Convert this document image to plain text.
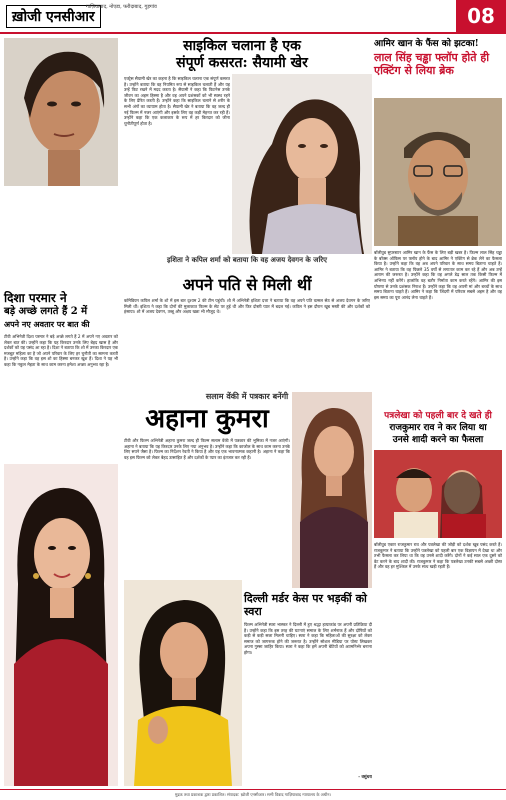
ख़ोजी एनसीआर
गाज़ियाबाद, नोएडा, फरीदाबाद, गुड़गांव	08
साइकिल चलाना है एक
संपूर्ण कसरत: सैयामी खेर
एक्ट्रेस सैयामी खेर का कहना है कि साइकिल चलाना एक संपूर्ण कसरत है। उन्होंने बताया कि वह नियमित रूप से साइकिल चलाती हैं और यह उन्हें फिट रखने में मदद करता है। सैयामी ने कहा कि फिटनेस उनके जीवन का अहम हिस्सा है और वह अपने प्रशंसकों को भी स्वस्थ रहने के लिए प्रेरित करती हैं। उन्होंने कहा कि साइकिल चलाने से शरीर के सभी अंगों का व्यायाम होता है। सैयामी खेर ने बताया कि वह जल्द ही नई फिल्म में नजर आएंगी और इसके लिए वह कड़ी मेहनत कर रही हैं। उन्होंने कहा कि एक कलाकार के रूप में हर किरदार को जीना चुनौतीपूर्ण होता है।
आमिर खान के फैंस को झटका!
लाल सिंह चड्ढा फ्लॉप होते ही
एक्टिंग से लिया ब्रेक
बॉलीवुड सुपरस्टार आमिर खान के फैंस के लिए बड़ी खबर है। फिल्म लाल सिंह चड्ढा के बॉक्स ऑफिस पर फ्लॉप होने के बाद आमिर ने एक्टिंग से ब्रेक लेने का फैसला किया है। उन्होंने कहा कि वह अब अपने परिवार के साथ समय बिताना चाहते हैं। आमिर ने बताया कि वह पिछले 35 वर्षों से लगातार काम कर रहे हैं और अब उन्हें आराम की जरूरत है। उन्होंने कहा कि वह अगले डेढ़ साल तक किसी फिल्म में अभिनय नहीं करेंगे। हालांकि वह बतौर निर्माता काम करते रहेंगे। आमिर की इस घोषणा से उनके प्रशंसक निराश हैं। उन्होंने कहा कि वह अपनी मां और बच्चों के साथ समय बिताना चाहते हैं। आमिर ने कहा कि जिंदगी में परिवार सबसे अहम है और वह इस समय का पूरा आनंद लेना चाहते हैं।
इशिता ने कपिल शर्मा को बताया कि वह अजय देवगन के जरिए
अपने पति से मिली थीं
कॉमेडियन कपिल शर्मा के शो में इस बार दृश्यम 2 की टीम पहुंची। शो में अभिनेत्री इशिता दत्ता ने बताया कि वह अपने पति वत्सल सेठ से अजय देवगन के जरिए मिली थीं। इशिता ने कहा कि दोनों की मुलाकात फिल्म के सेट पर हुई थी और फिर दोस्ती प्यार में बदल गई। कपिल ने इस दौरान खूब मस्ती की और दर्शकों को हंसाया। शो में अजय देवगन, तब्बू और अक्षय खन्ना भी मौजूद थे।
दिशा परमार ने
बड़े अच्छे लगते हैं 2 में
अपने नए अवतार पर बात की
टीवी अभिनेत्री दिशा परमार ने बड़े अच्छे लगते हैं 2 में अपने नए अवतार को लेकर बात की। उन्होंने कहा कि यह किरदार उनके लिए बेहद खास है और दर्शकों को यह पसंद आ रहा है। दिशा ने बताया कि शो में उनका किरदार एक मजबूत महिला का है जो अपने परिवार के लिए हर चुनौती का सामना करती है। उन्होंने कहा कि वह इस शो का हिस्सा बनकर खुश हैं। दिशा ने यह भी कहा कि नकुल मेहता के साथ काम करना हमेशा अच्छा अनुभव रहा है।
सलाम वेंकी में पत्रकार बनेंगी
अहाना कुमरा
टीवी और फिल्म अभिनेत्री अहाना कुमरा जल्द ही फिल्म सलाम वेंकी में पत्रकार की भूमिका में नजर आएंगी। अहाना ने बताया कि यह किरदार उनके लिए नया अनुभव है। उन्होंने कहा कि काजोल के साथ काम करना उनके लिए सपने जैसा है। फिल्म का निर्देशन रेवती ने किया है और यह एक भावनात्मक कहानी है। अहाना ने कहा कि वह इस फिल्म को लेकर बेहद उत्साहित हैं और दर्शकों के प्यार का इंतजार कर रही हैं।
पत्रलेखा को पहली बार दे खते ही
राजकुमार राव ने कर लिया था
उनसे शादी करने का फैसला
बॉलीवुड एक्टर राजकुमार राव और पत्रलेखा की जोड़ी को दर्शक खूब पसंद करते हैं। राजकुमार ने बताया कि उन्होंने पत्रलेखा को पहली बार एक विज्ञापन में देखा था और तभी फैसला कर लिया था कि वह उनसे शादी करेंगे। दोनों ने कई साल एक दूसरे को डेट करने के बाद शादी की। राजकुमार ने कहा कि पत्रलेखा उनकी सबसे अच्छी दोस्त हैं और वह हर मुश्किल में उनके साथ खड़ी रहती हैं।
दिल्ली मर्डर केस पर भड़कीं को स्वरा
फिल्म अभिनेत्री स्वरा भास्कर ने दिल्ली में हुए श्रद्धा हत्याकांड पर अपनी प्रतिक्रिया दी है। उन्होंने कहा कि इस तरह की घटनाएं समाज के लिए शर्मनाक हैं और दोषियों को कड़ी से कड़ी सजा मिलनी चाहिए। स्वरा ने कहा कि महिलाओं की सुरक्षा को लेकर समाज को जागरूक होने की जरूरत है। उन्होंने सोशल मीडिया पर पोस्ट लिखकर अपना गुस्सा जाहिर किया। स्वरा ने कहा कि हमें अपनी बेटियों को आत्मनिर्भर बनाना होगा।
- वसुंधरा
मुद्रक तथा प्रकाशक द्वारा प्रकाशित। संपादक: ख़ोजी एनसीआर। सभी विवाद गाज़ियाबाद न्यायालय के अधीन।
